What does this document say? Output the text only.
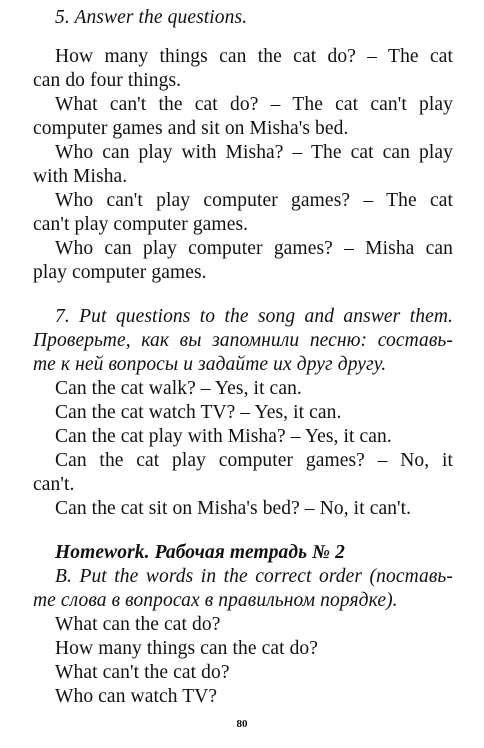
5. Answer the questions.
How many things can the cat do? – The cat
can do four things.
What can't the cat do? – The cat can't play
computer games and sit on Misha's bed.
Who can play with Misha? – The cat can play
with Misha.
Who can't play computer games? – The cat
can't play computer games.
Who can play computer games? – Misha can
play computer games.
7. Put questions to the song and answer them.
Проверьте, как вы запомнили песню: составь-
те к ней вопросы и задайте их друг другу.
Can the cat walk? – Yes, it can.
Can the cat watch TV? – Yes, it can.
Can the cat play with Misha? – Yes, it can.
Can the cat play computer games? – No, it
can't.
Can the cat sit on Misha's bed? – No, it can't.
Homework. Рабочая тетрадь № 2
B. Put the words in the correct order (поставь-
те слова в вопросах в правильном порядке).
What can the cat do?
How many things can the cat do?
What can't the cat do?
Who can watch TV?
80
